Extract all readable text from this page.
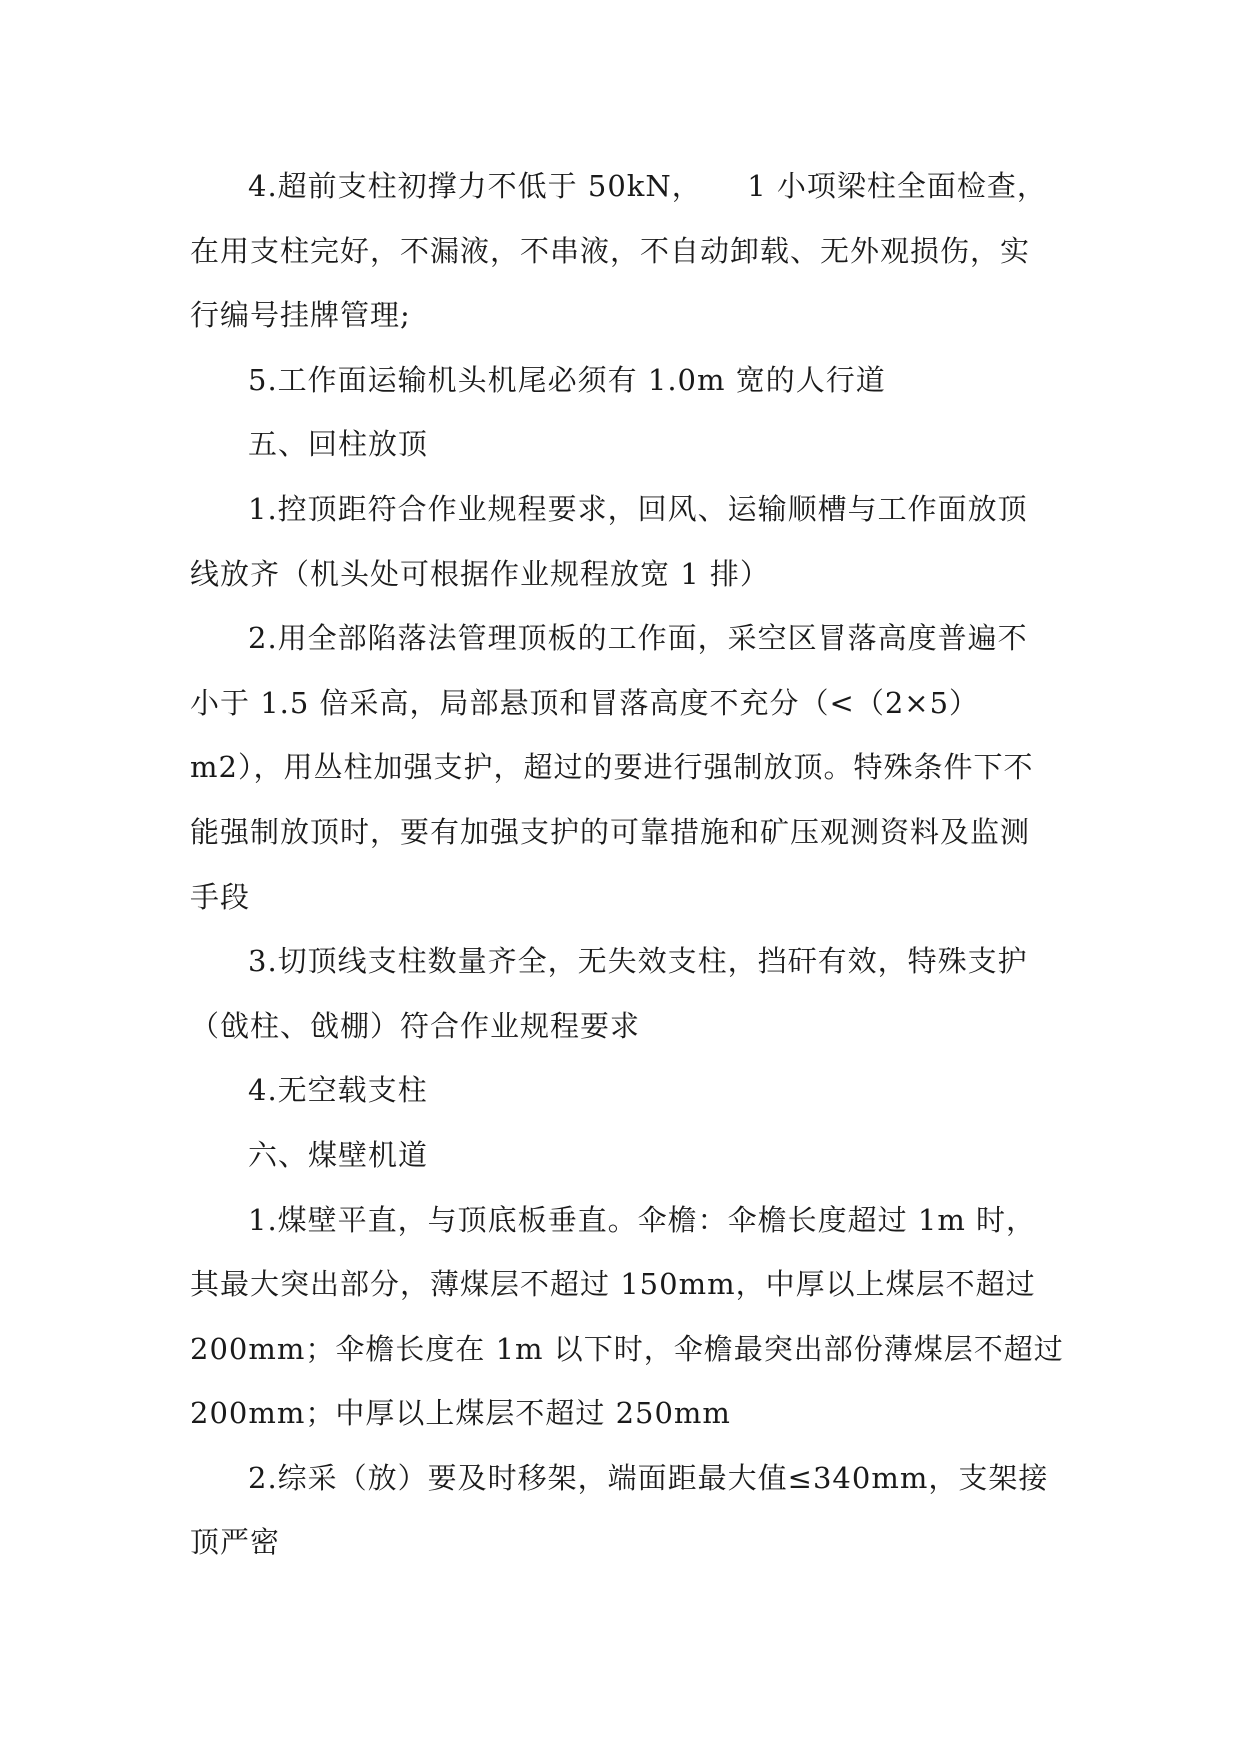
4.超前支柱初撑力不低于 50kN，　　1 小项梁柱全面检查，
在用支柱完好，不漏液，不串液，不自动卸载、无外观损伤，实
行编号挂牌管理;

5.工作面运输机头机尾必须有 1.0m 宽的人行道

五、回柱放顶

1.控顶距符合作业规程要求，回风、运输顺槽与工作面放顶
线放齐（机头处可根据作业规程放宽 1 排）

2.用全部陷落法管理顶板的工作面，采空区冒落高度普遍不
小于 1.5 倍采高，局部悬顶和冒落高度不充分（<（2×5）
m2），用丛柱加强支护，超过的要进行强制放顶。特殊条件下不
能强制放顶时，要有加强支护的可靠措施和矿压观测资料及监测
手段

3.切顶线支柱数量齐全，无失效支柱，挡矸有效，特殊支护
（戗柱、戗棚）符合作业规程要求

4.无空载支柱

六、煤壁机道

1.煤壁平直，与顶底板垂直。伞檐：伞檐长度超过 1m 时，
其最大突出部分，薄煤层不超过 150mm，中厚以上煤层不超过
200mm；伞檐长度在 1m 以下时，伞檐最突出部份薄煤层不超过
200mm；中厚以上煤层不超过 250mm

2.综采（放）要及时移架，端面距最大值≤340mm，支架接
顶严密
